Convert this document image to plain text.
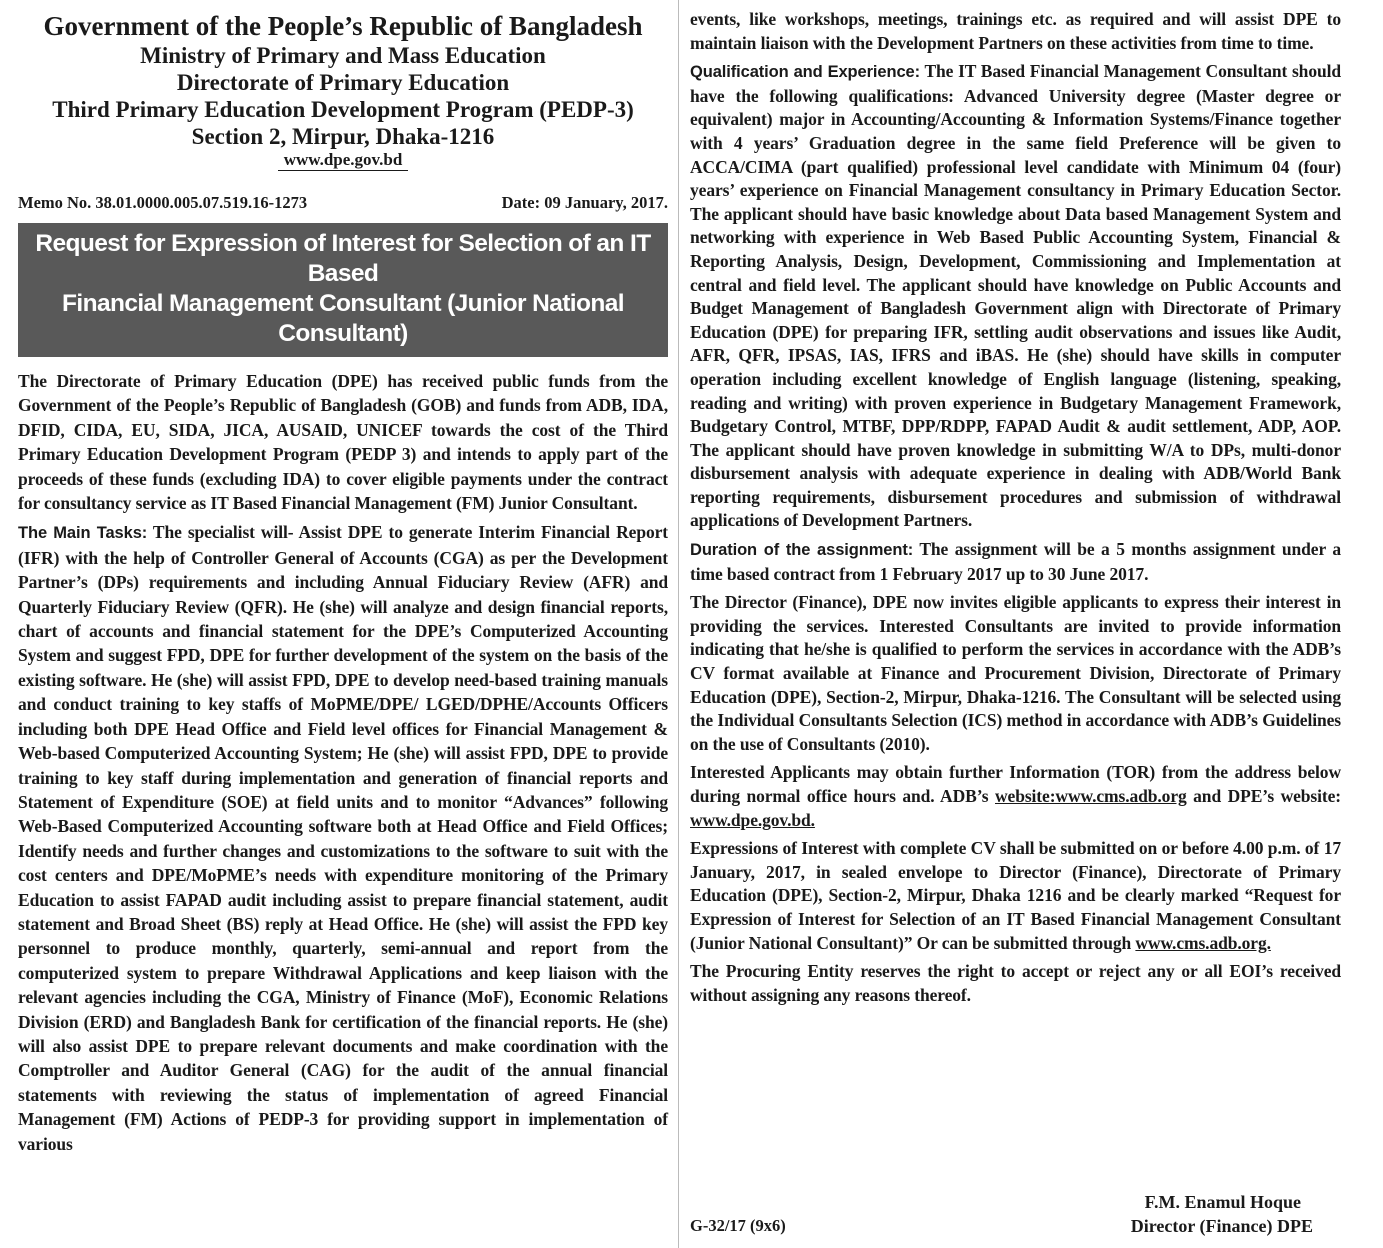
Government of the People’s Republic of Bangladesh
Ministry of Primary and Mass Education
Directorate of Primary Education
Third Primary Education Development Program (PEDP-3)
Section 2, Mirpur, Dhaka-1216
www.dpe.gov.bd
Memo No. 38.01.0000.005.07.519.16-1273	Date: 09 January, 2017.
Request for Expression of Interest for Selection of an IT Based
Financial Management Consultant (Junior National Consultant)

The Directorate of Primary Education (DPE) has received public funds from the Government of the People’s Republic of Bangladesh (GOB) and funds from ADB, IDA, DFID, CIDA, EU, SIDA, JICA, AUSAID, UNICEF towards the cost of the Third Primary Education Development Program (PEDP 3) and intends to apply part of the proceeds of these funds (excluding IDA) to cover eligible payments under the contract for consultancy service as IT Based Financial Management (FM) Junior Consultant.

The Main Tasks: The specialist will- Assist DPE to generate Interim Financial Report (IFR) with the help of Controller General of Accounts (CGA) as per the Development Partner’s (DPs) requirements and including Annual Fiduciary Review (AFR) and Quarterly Fiduciary Review (QFR). He (she) will analyze and design financial reports, chart of accounts and financial statement for the DPE’s Computerized Accounting System and suggest FPD, DPE for further development of the system on the basis of the existing software. He (she) will assist FPD, DPE to develop need-based training manuals and conduct training to key staffs of MoPME/DPE/ LGED/DPHE/Accounts Officers including both DPE Head Office and Field level offices for Financial Management & Web-based Computerized Accounting System; He (she) will assist FPD, DPE to provide training to key staff during implementation and generation of financial reports and Statement of Expenditure (SOE) at field units and to monitor “Advances” following Web-Based Computerized Accounting software both at Head Office and Field Offices; Identify needs and further changes and customizations to the software to suit with the cost centers and DPE/MoPME’s needs with expenditure monitoring of the Primary Education to assist FAPAD audit including assist to prepare financial statement, audit statement and Broad Sheet (BS) reply at Head Office. He (she) will assist the FPD key personnel to produce monthly, quarterly, semi-annual and report from the computerized system to prepare Withdrawal Applications and keep liaison with the relevant agencies including the CGA, Ministry of Finance (MoF), Economic Relations Division (ERD) and Bangladesh Bank for certification of the financial reports. He (she) will also assist DPE to prepare relevant documents and make coordination with the Comptroller and Auditor General (CAG) for the audit of the annual financial statements with reviewing the status of implementation of agreed Financial Management (FM) Actions of PEDP-3 for providing support in implementation of various

events, like workshops, meetings, trainings etc. as required and will assist DPE to maintain liaison with the Development Partners on these activities from time to time.

Qualification and Experience: The IT Based Financial Management Consultant should have the following qualifications: Advanced University degree (Master degree or equivalent) major in Accounting/Accounting & Information Systems/Finance together with 4 years’ Graduation degree in the same field Preference will be given to ACCA/CIMA (part qualified) professional level candidate with Minimum 04 (four) years’ experience on Financial Management consultancy in Primary Education Sector. The applicant should have basic knowledge about Data based Management System and networking with experience in Web Based Public Accounting System, Financial & Reporting Analysis, Design, Development, Commissioning and Implementation at central and field level. The applicant should have knowledge on Public Accounts and Budget Management of Bangladesh Government align with Directorate of Primary Education (DPE) for preparing IFR, settling audit observations and issues like Audit, AFR, QFR, IPSAS, IAS, IFRS and iBAS. He (she) should have skills in computer operation including excellent knowledge of English language (listening, speaking, reading and writing) with proven experience in Budgetary Management Framework, Budgetary Control, MTBF, DPP/RDPP, FAPAD Audit & audit settlement, ADP, AOP. The applicant should have proven knowledge in submitting W/A to DPs, multi-donor disbursement analysis with adequate experience in dealing with ADB/World Bank reporting requirements, disbursement procedures and submission of withdrawal applications of Development Partners.

Duration of the assignment: The assignment will be a 5 months assignment under a time based contract from 1 February 2017 up to 30 June 2017.

The Director (Finance), DPE now invites eligible applicants to express their interest in providing the services. Interested Consultants are invited to provide information indicating that he/she is qualified to perform the services in accordance with the ADB’s CV format available at Finance and Procurement Division, Directorate of Primary Education (DPE), Section-2, Mirpur, Dhaka-1216. The Consultant will be selected using the Individual Consultants Selection (ICS) method in accordance with ADB’s Guidelines on the use of Consultants (2010).

Interested Applicants may obtain further Information (TOR) from the address below during normal office hours and. ADB’s website:www.cms.adb.org and DPE’s website: www.dpe.gov.bd.

Expressions of Interest with complete CV shall be submitted on or before 4.00 p.m. of 17 January, 2017, in sealed envelope to Director (Finance), Directorate of Primary Education (DPE), Section-2, Mirpur, Dhaka 1216 and be clearly marked “Request for Expression of Interest for Selection of an IT Based Financial Management Consultant (Junior National Consultant)” Or can be submitted through www.cms.adb.org.

The Procuring Entity reserves the right to accept or reject any or all EOI’s received without assigning any reasons thereof.

F.M. Enamul Hoque
Director (Finance) DPE
G-32/17 (9x6)
